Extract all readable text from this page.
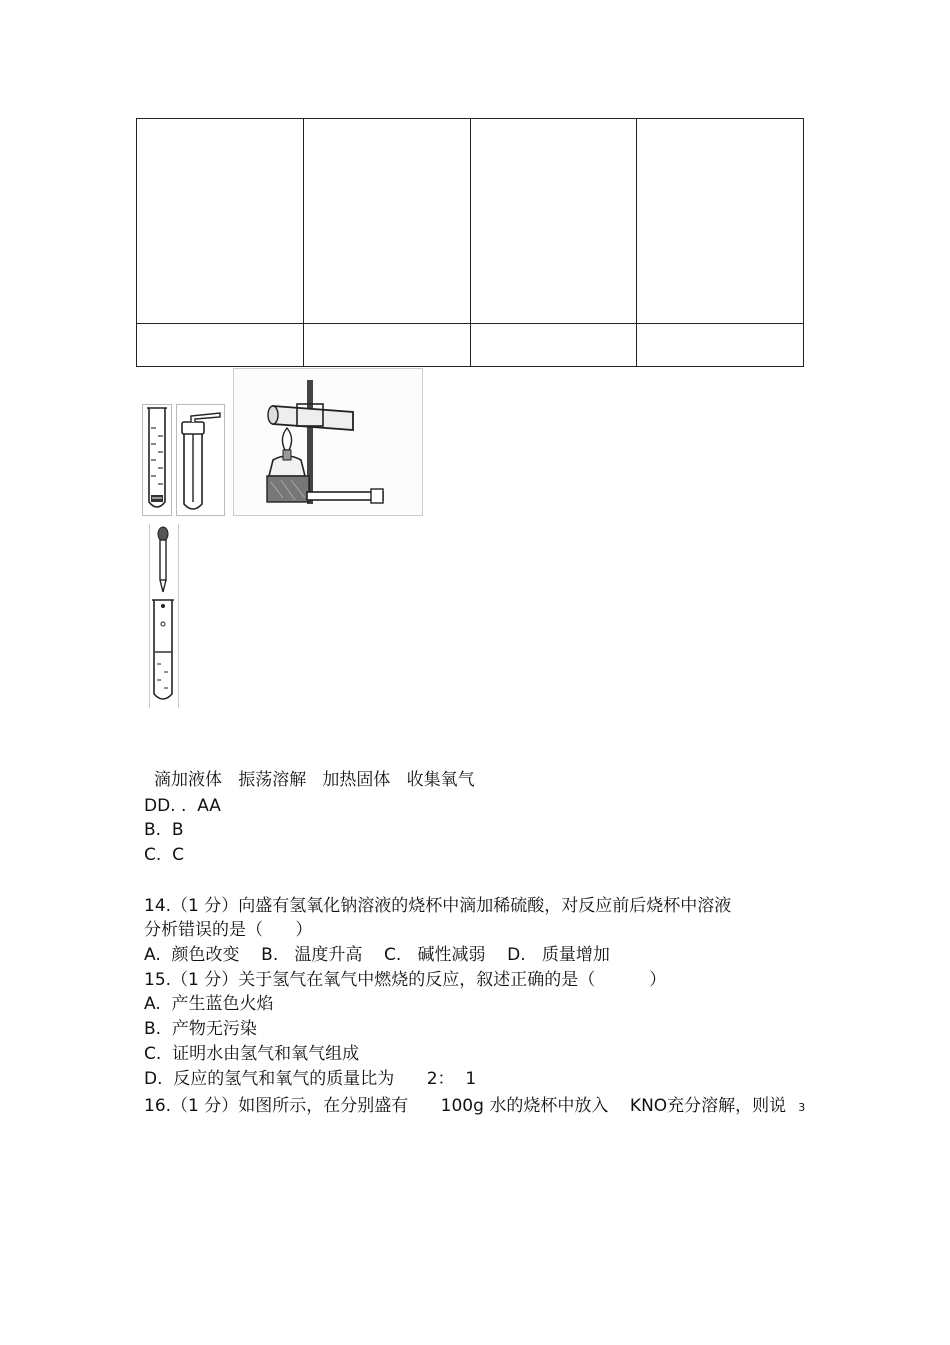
滴加液体   振荡溶解   加热固体   收集氧气
DD. .  AA
B.  B
C.  C
14.（1 分）向盛有氢氧化钠溶液的烧杯中滴加稀硫酸，对反应前后烧杯中溶液
分析错误的是（      ）
A.  颜色改变    B.   温度升高    C.   碱性减弱    D.   质量增加
15.（1 分）关于氢气在氧气中燃烧的反应，叙述正确的是（          ）
A.  产生蓝色火焰
B.  产物无污染
C.  证明水由氢气和氧气组成
D.  反应的氢气和氧气的质量比为      2：  1
16.（1 分）如图所示，在分别盛有      100g 水的烧杯中放入    KNO充分溶解，则说 3
